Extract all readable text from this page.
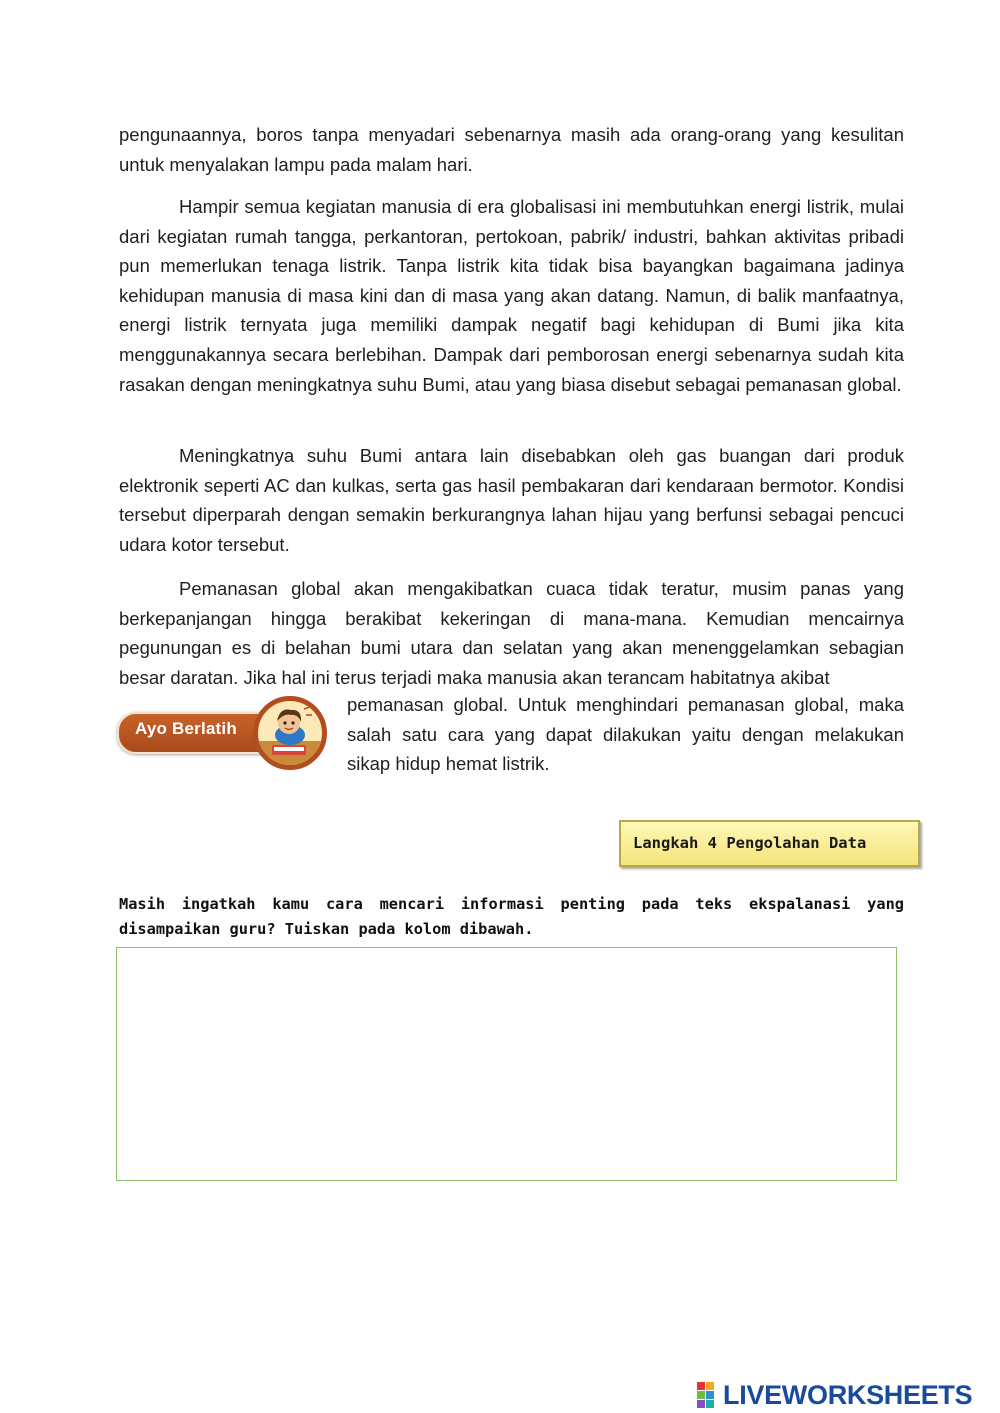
pengunaannya, boros tanpa menyadari sebenarnya masih ada orang-orang yang kesulitan untuk menyalakan lampu pada malam hari.

Hampir semua kegiatan manusia di era globalisasi ini membutuhkan energi listrik, mulai dari kegiatan rumah tangga, perkantoran, pertokoan, pabrik/ industri, bahkan aktivitas pribadi pun memerlukan tenaga listrik. Tanpa listrik kita tidak bisa bayangkan bagaimana jadinya kehidupan manusia di masa kini dan di masa yang akan datang. Namun, di balik manfaatnya, energi listrik ternyata juga memiliki dampak negatif bagi kehidupan di Bumi jika kita menggunakannya secara berlebihan. Dampak dari pemborosan energi sebenarnya sudah kita rasakan dengan meningkatnya suhu Bumi, atau yang biasa disebut sebagai pemanasan global.

Meningkatnya suhu Bumi antara lain disebabkan oleh gas buangan dari produk elektronik seperti AC dan kulkas, serta gas hasil pembakaran dari kendaraan bermotor. Kondisi tersebut diperparah dengan semakin berkurangnya lahan hijau yang berfunsi sebagai pencuci udara kotor tersebut.

Pemanasan global akan mengakibatkan cuaca tidak teratur, musim panas yang berkepanjangan hingga berakibat kekeringan di mana-mana. Kemudian mencairnya pegunungan es di belahan bumi utara dan selatan yang akan menenggelamkan sebagian besar daratan. Jika hal ini terus terjadi maka manusia akan terancam habitatnya akibat

pemanasan global. Untuk menghindari pemanasan global, maka salah satu cara yang dapat dilakukan yaitu dengan melakukan sikap hidup hemat listrik.

Ayo Berlatih
Langkah 4 Pengolahan Data

Masih ingatkah kamu cara mencari informasi penting pada teks ekspalanasi yang disampaikan guru? Tuiskan pada kolom dibawah.

LIVEWORKSHEETS
